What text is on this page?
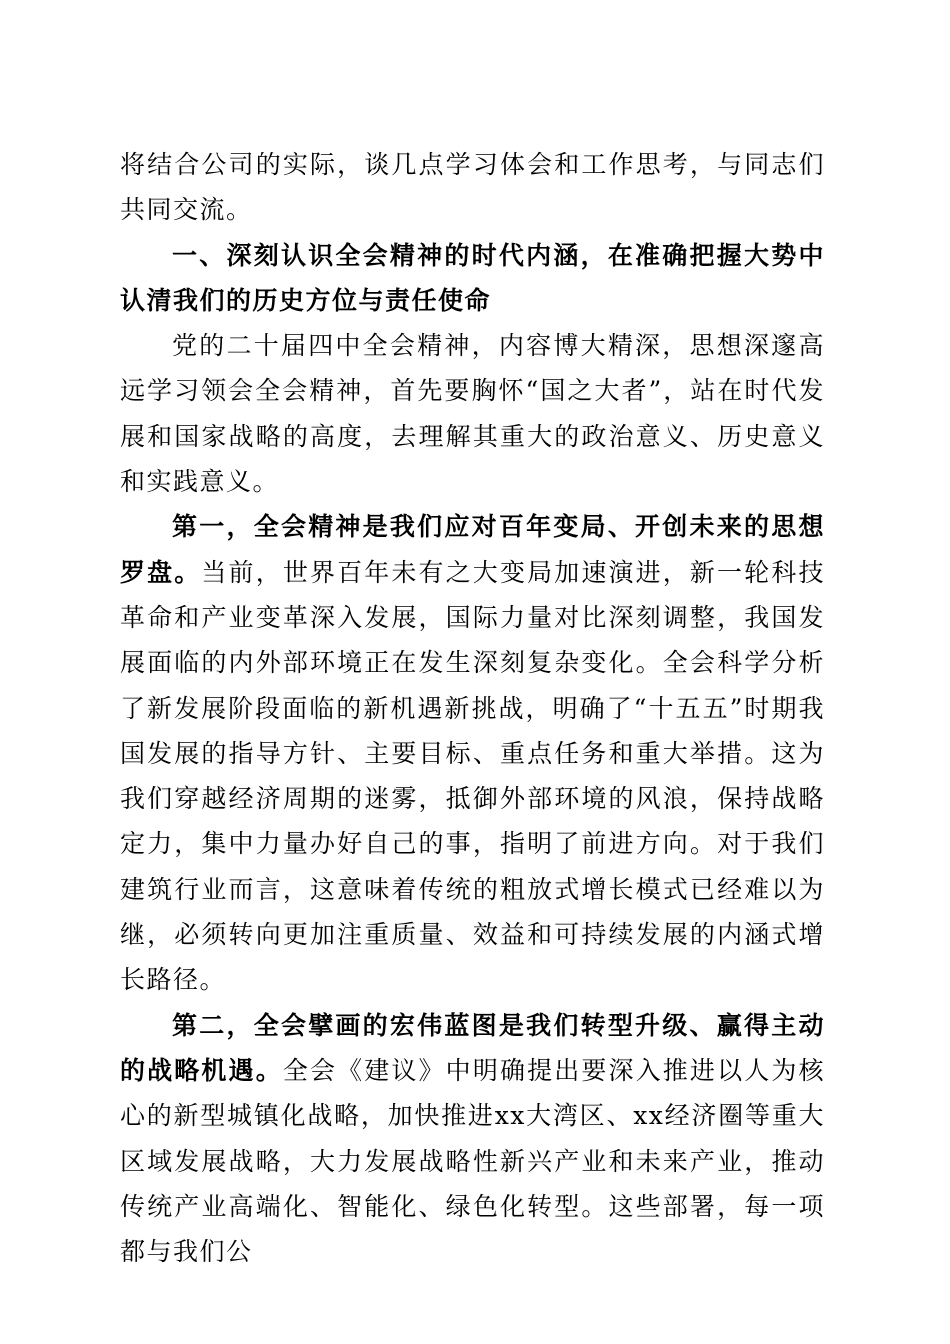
将结合公司的实际，谈几点学习体会和工作思考，与同志们共同交流。

一、深刻认识全会精神的时代内涵，在准确把握大势中认清我们的历史方位与责任使命

党的二十届四中全会精神，内容博大精深，思想深邃高远学习领会全会精神，首先要胸怀“国之大者”，站在时代发展和国家战略的高度，去理解其重大的政治意义、历史意义和实践意义。

第一，全会精神是我们应对百年变局、开创未来的思想罗盘。当前，世界百年未有之大变局加速演进，新一轮科技革命和产业变革深入发展，国际力量对比深刻调整，我国发展面临的内外部环境正在发生深刻复杂变化。全会科学分析了新发展阶段面临的新机遇新挑战，明确了“十五五”时期我国发展的指导方针、主要目标、重点任务和重大举措。这为我们穿越经济周期的迷雾，抵御外部环境的风浪，保持战略定力，集中力量办好自己的事，指明了前进方向。对于我们建筑行业而言，这意味着传统的粗放式增长模式已经难以为继，必须转向更加注重质量、效益和可持续发展的内涵式增长路径。

第二，全会擘画的宏伟蓝图是我们转型升级、赢得主动的战略机遇。全会《建议》中明确提出要深入推进以人为核心的新型城镇化战略，加快推进xx大湾区、xx经济圈等重大区域发展战略，大力发展战略性新兴产业和未来产业，推动传统产业高端化、智能化、绿色化转型。这些部署，每一项都与我们公
